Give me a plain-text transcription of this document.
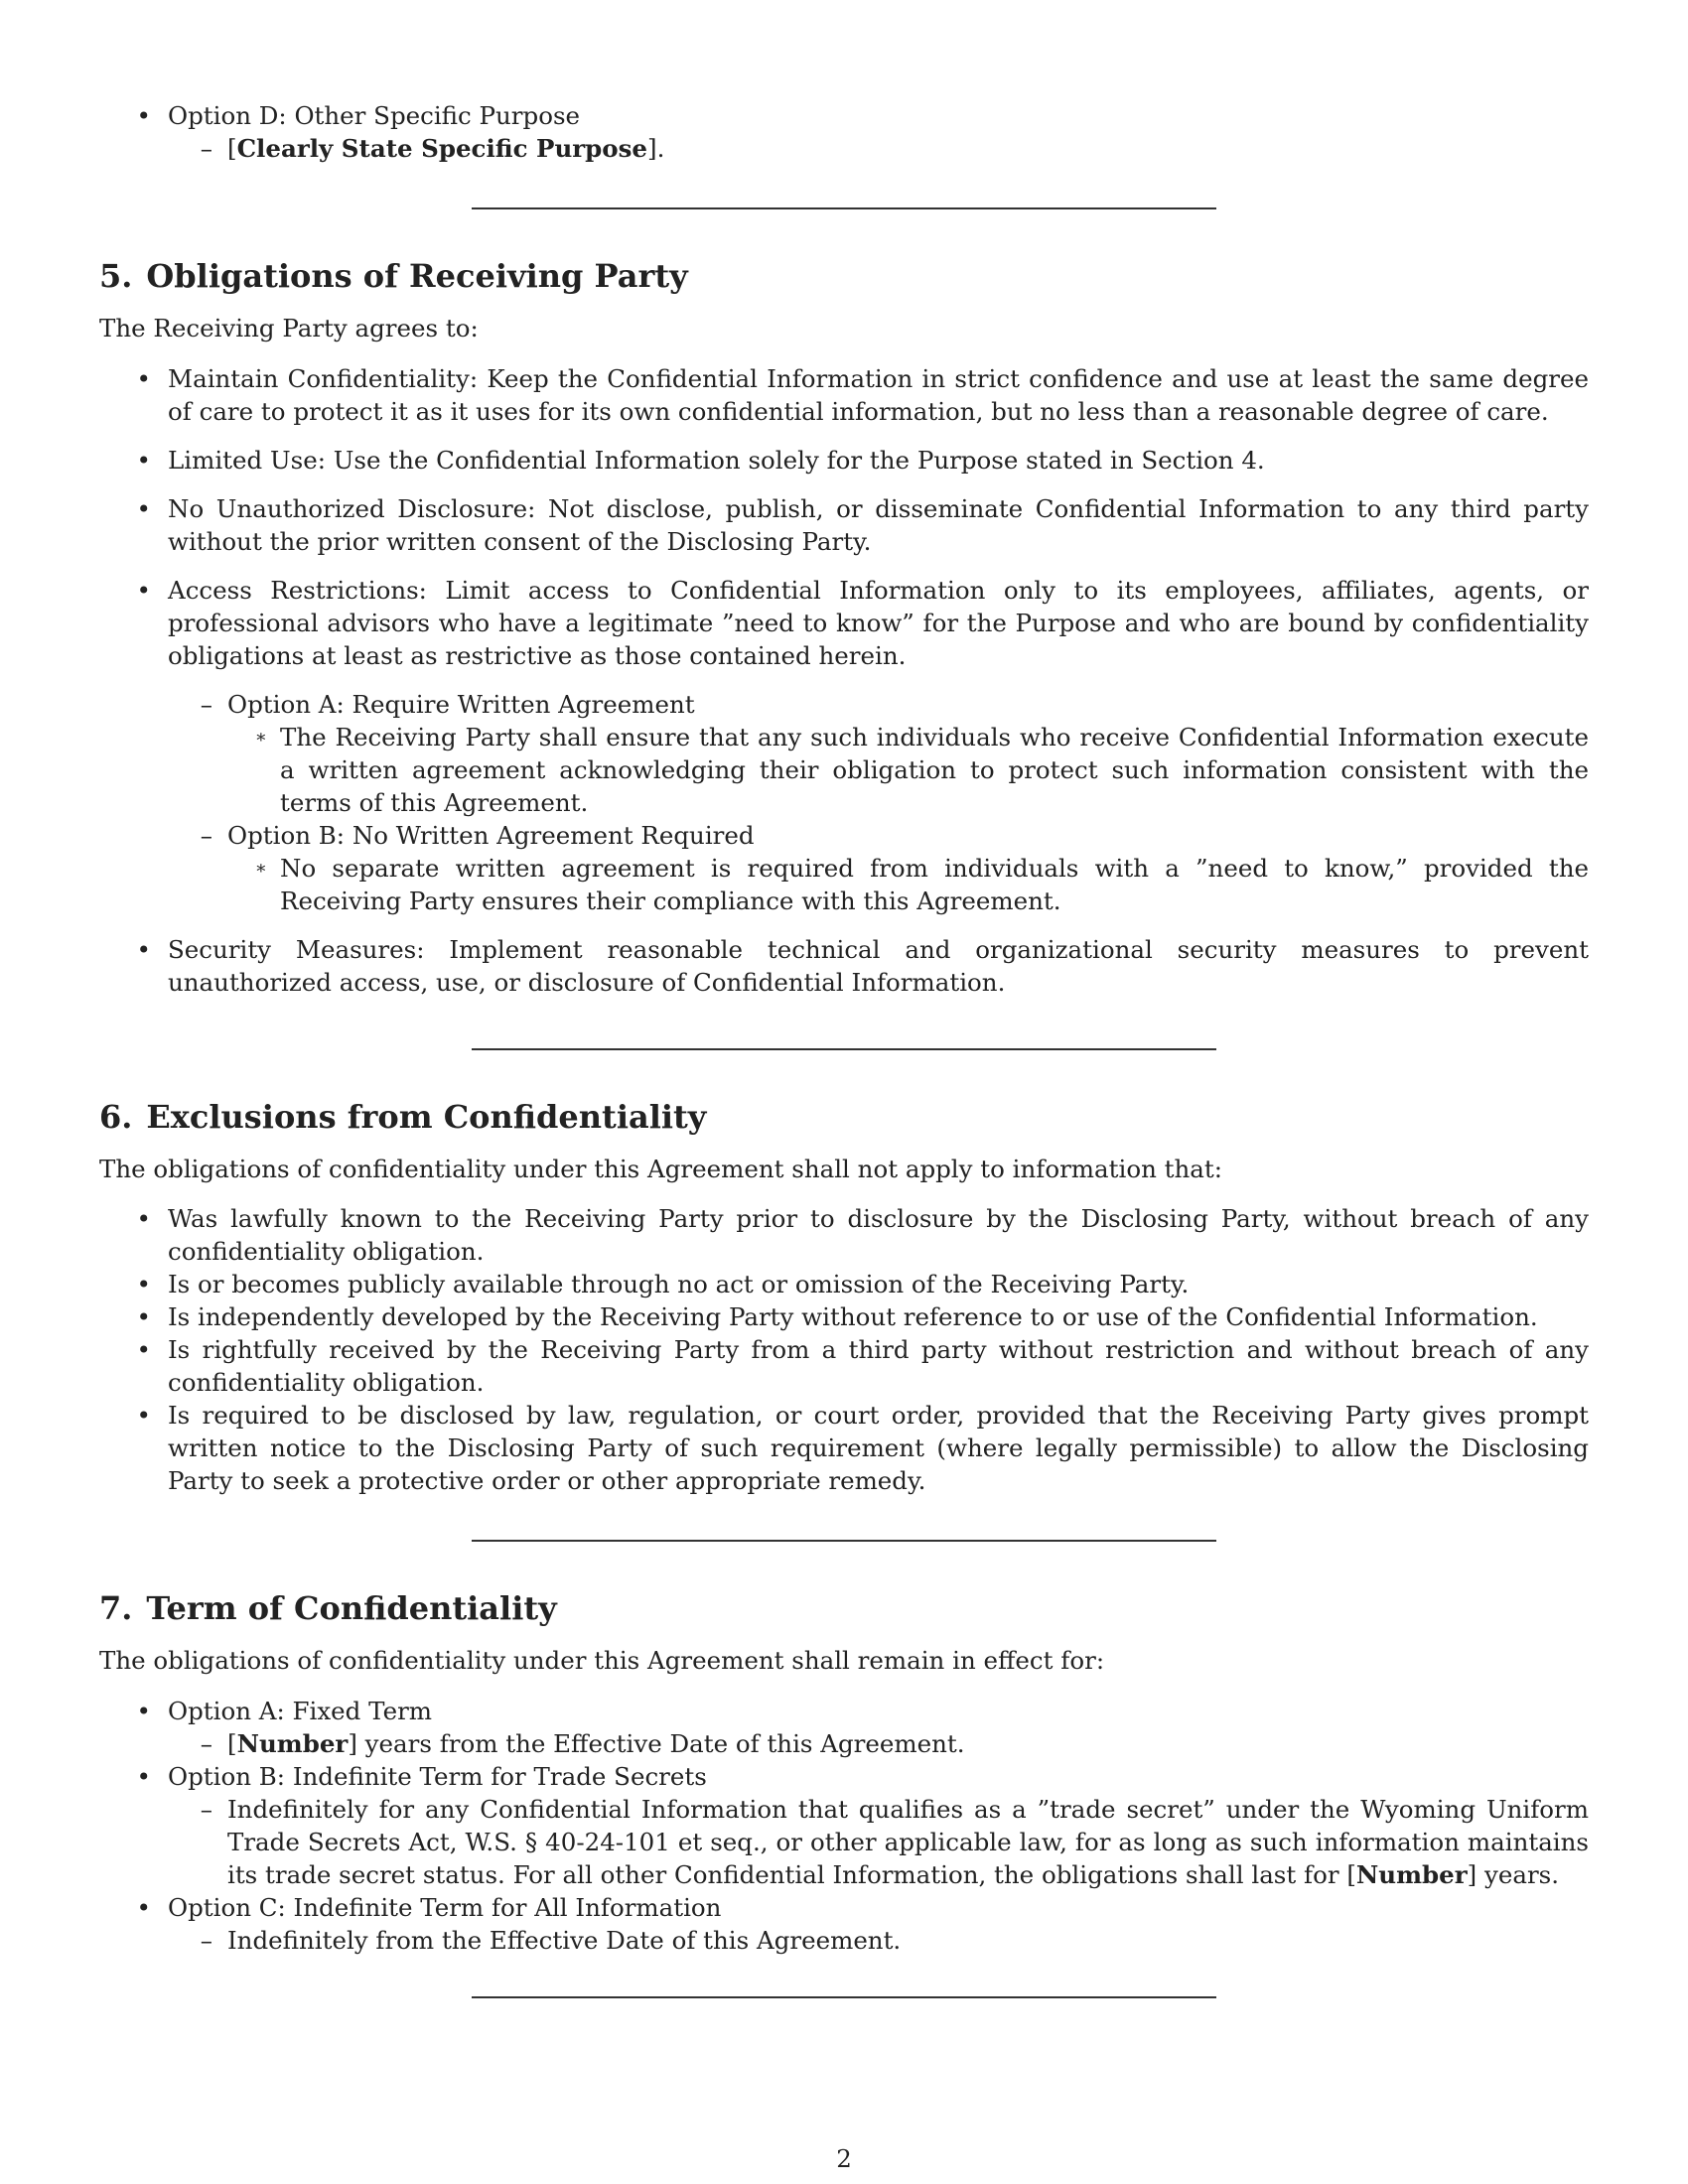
• Option D: Other Specific Purpose
– [Clearly State Specific Purpose].
5. Obligations of Receiving Party

The Receiving Party agrees to:

• Maintain Confidentiality: Keep the Confidential Information in strict confidence and use at least the same degree of care to protect it as it uses for its own confidential information, but no less than a reasonable degree of care.
• Limited Use: Use the Confidential Information solely for the Purpose stated in Section 4.
• No Unauthorized Disclosure: Not disclose, publish, or disseminate Confidential Information to any third party without the prior written consent of the Disclosing Party.
• Access Restrictions: Limit access to Confidential Information only to its employees, affiliates, agents, or professional advisors who have a legitimate ”need to know” for the Purpose and who are bound by confidentiality obligations at least as restrictive as those contained herein.
– Option A: Require Written Agreement
∗ The Receiving Party shall ensure that any such individuals who receive Confidential Information execute a written agreement acknowledging their obligation to protect such information consistent with the terms of this Agreement.
– Option B: No Written Agreement Required
∗ No separate written agreement is required from individuals with a ”need to know,” provided the Receiving Party ensures their compliance with this Agreement.
• Security Measures: Implement reasonable technical and organizational security measures to prevent unauthorized access, use, or disclosure of Confidential Information.
6. Exclusions from Confidentiality

The obligations of confidentiality under this Agreement shall not apply to information that:

• Was lawfully known to the Receiving Party prior to disclosure by the Disclosing Party, without breach of any confidentiality obligation.
• Is or becomes publicly available through no act or omission of the Receiving Party.
• Is independently developed by the Receiving Party without reference to or use of the Confidential Information.
• Is rightfully received by the Receiving Party from a third party without restriction and without breach of any confidentiality obligation.
• Is required to be disclosed by law, regulation, or court order, provided that the Receiving Party gives prompt written notice to the Disclosing Party of such requirement (where legally permissible) to allow the Disclosing Party to seek a protective order or other appropriate remedy.
7. Term of Confidentiality

The obligations of confidentiality under this Agreement shall remain in effect for:

• Option A: Fixed Term
– [Number] years from the Effective Date of this Agreement.
• Option B: Indefinite Term for Trade Secrets
– Indefinitely for any Confidential Information that qualifies as a ”trade secret” under the Wyoming Uniform Trade Secrets Act, W.S. § 40-24-101 et seq., or other applicable law, for as long as such information maintains its trade secret status. For all other Confidential Information, the obligations shall last for [Number] years.
• Option C: Indefinite Term for All Information
– Indefinitely from the Effective Date of this Agreement.
2
